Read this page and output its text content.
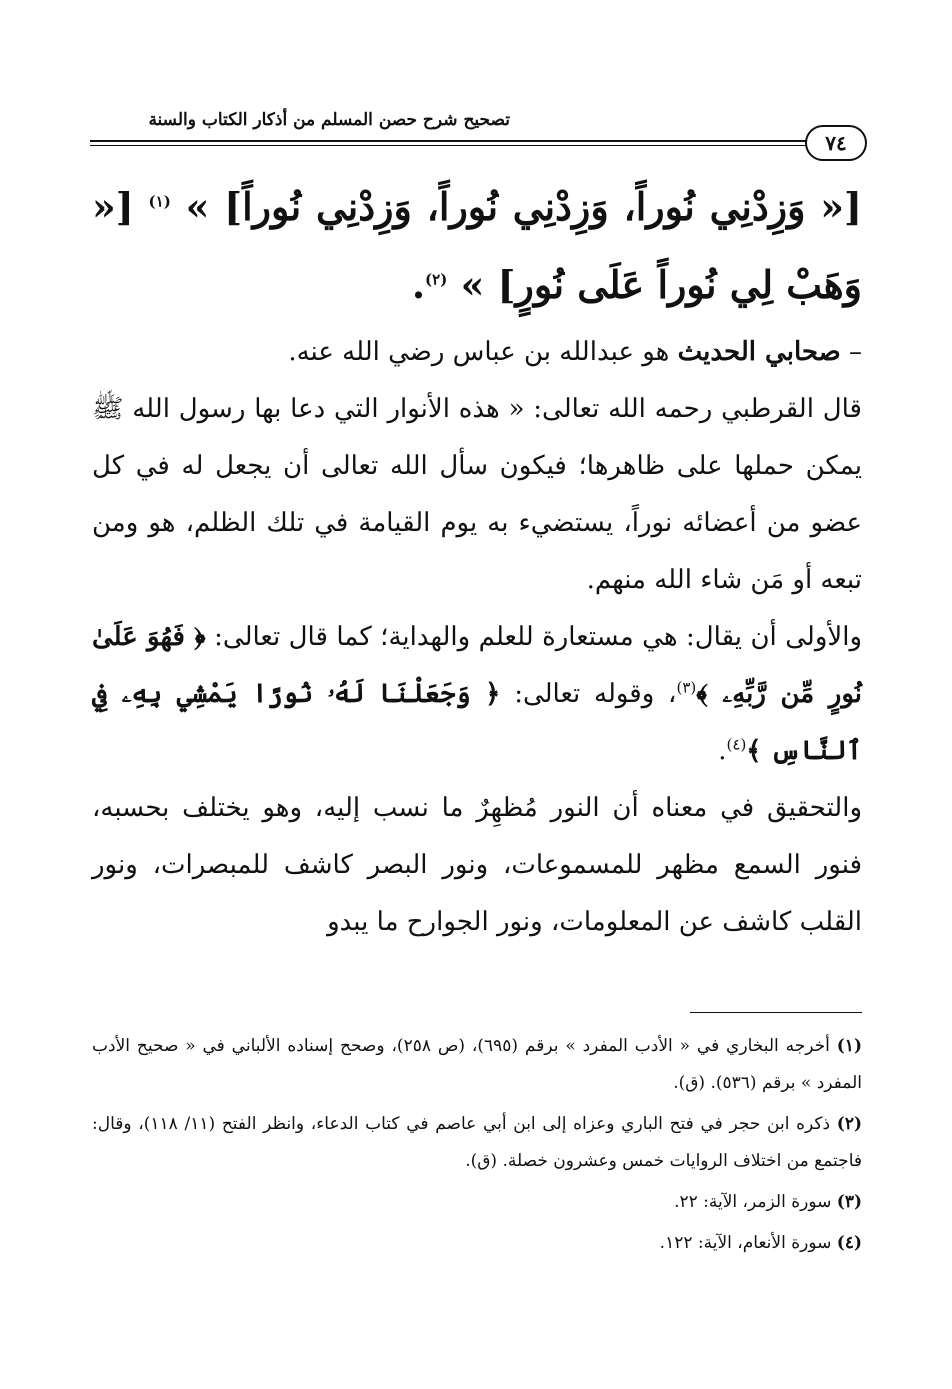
تصحيح شرح حصن المسلم من أذكار الكتاب والسنة
٧٤

[« وَزِدْنِي نُوراً، وَزِدْنِي نُوراً، وَزِدْنِي نُوراً] » $^{(١)}$ [« وَهَبْ لِي نُوراً عَلَى نُورٍ] » $^{(٢)}$.

– صحابي الحديث هو عبدالله بن عباس رضي الله عنه.

قال القرطبي رحمه الله تعالى: « هذه الأنوار التي دعا بها رسول الله ﷺ يمكن حملها على ظاهرها؛ فيكون سأل الله تعالى أن يجعل له في كل عضو من أعضائه نوراً، يستضيء به يوم القيامة في تلك الظلم، هو ومن تبعه أو مَن شاء الله منهم.

والأولى أن يقال: هي مستعارة للعلم والهداية؛ كما قال تعالى: ﴿ فَهُوَ عَلَىٰ نُورٍ مِّن رَّبِّهِۦ ﴾$^{(٣)}$، وقوله تعالى: ﴿ وَجَعَلْنَا لَهُۥ نُورًا يَمْشِي بِهِۦ فِي ٱلنَّاسِ ﴾$^{(٤)}$.

والتحقيق في معناه أن النور مُظهِرٌ ما نسب إليه، وهو يختلف بحسبه، فنور السمع مظهر للمسموعات، ونور البصر كاشف للمبصرات، ونور القلب كاشف عن المعلومات، ونور الجوارح ما يبدو

(١) أخرجه البخاري في « الأدب المفرد » برقم (٦٩٥)، (ص ٢٥٨)، وصحح إسناده الألباني في « صحيح الأدب المفرد » برقم (٥٣٦). (ق).

(٢) ذكره ابن حجر في فتح الباري وعزاه إلى ابن أبي عاصم في كتاب الدعاء، وانظر الفتح (١١/ ١١٨)، وقال: فاجتمع من اختلاف الروايات خمس وعشرون خصلة. (ق).

(٣) سورة الزمر، الآية: ٢٢.

(٤) سورة الأنعام، الآية: ١٢٢.
